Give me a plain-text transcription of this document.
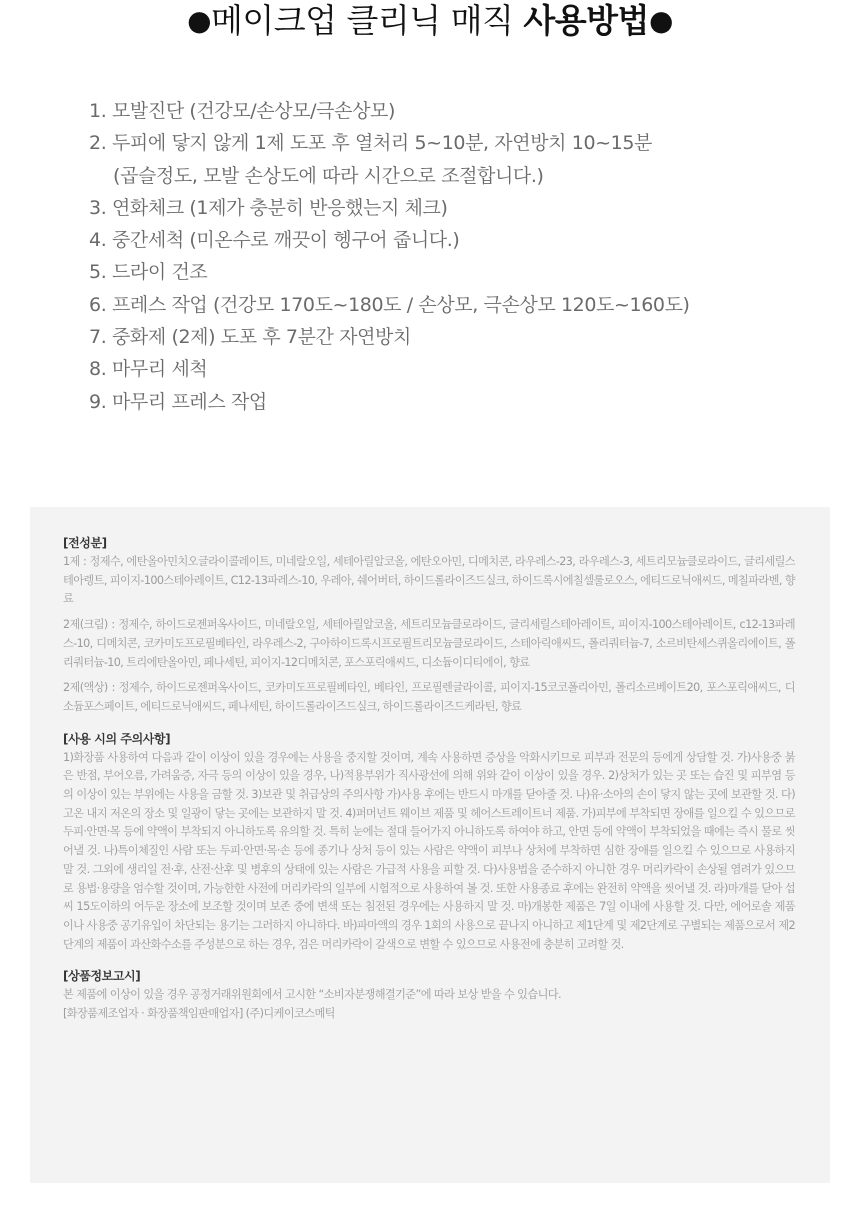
●메이크업 클리닉 매직 사용방법●
1. 모발진단 (건강모/손상모/극손상모)
2. 두피에 닿지 않게 1제 도포 후 열처리 5~10분, 자연방치 10~15분
(곱슬정도, 모발 손상도에 따라 시간으로 조절합니다.)
3. 연화체크 (1제가 충분히 반응했는지 체크)
4. 중간세척 (미온수로 깨끗이 헹구어 줍니다.)
5. 드라이 건조
6. 프레스 작업 (건강모 170도~180도 / 손상모, 극손상모 120도~160도)
7. 중화제 (2제) 도포 후 7분간 자연방치
8. 마무리 세척
9. 마무리 프레스 작업
[전성분]

1제 : 정제수, 에탄올아민치오글라이콜레이트, 미네랄오일, 세테아릴알코올, 에탄오아민, 디메치콘, 라우레스-23, 라우레스-3, 세트리모늄클로라이드, 글리세릴스테아렝트, 피이지-100스테아레이트, C12-13파레스-10, 우레아, 쉐어버터, 하이드롤라이즈드실크, 하이드록시에칠셀룰로오스, 에티드로닉애씨드, 메칠파라벤, 향료

2제(크림) : 정제수, 하이드로젠퍼옥사이드, 미네랄오일, 세테아릴알코올, 세트리모늄클로라이드, 글리세릴스테아레이트, 피이지-100스테아레이트, c12-13파레스-10, 디메치콘, 코카미도프로필베타인, 라우레스-2, 구아하이드록시프로필트리모늄클로라이드, 스테아릭애씨드, 폴리쿼터늄-7, 소르비탄세스퀴올리에이트, 폴리쿼터늄-10, 트리에탄올아민, 페나세틴, 피이지-12디메치콘, 포스포릭애씨드, 디소듐이디티에이, 향료

2제(액상) : 정제수, 하이드로젠퍼옥사이드, 코카미도프로필베타인, 베타인, 프로필렌글라이콜, 피이지-15코코폴리아민, 폴리소르베이트20, 포스포릭애씨드, 디소듐포스페이트, 에티드로닉애씨드, 페나세틴, 하이드롤라이즈드실크, 하이드롤라이즈드케라틴, 향료

[사용 시의 주의사항]

1)화장품 사용하여 다음과 같이 이상이 있을 경우에는 사용을 중지할 것이며, 계속 사용하면 증상을 악화시키므로 피부과 전문의 등에게 상담할 것. 가)사용중 붉은 반점, 부어오름, 가려움증, 자극 등의 이상이 있을 경우, 나)적용부위가 직사광선에 의해 위와 같이 이상이 있을 경우. 2)상처가 있는 곳 또는 습진 및 피부염 등의 이상이 있는 부위에는 사용을 금할 것. 3)보관 및 취급상의 주의사항 가)사용 후에는 반드시 마개를 닫아줄 것. 나)유·소아의 손이 닿지 않는 곳에 보관할 것. 다)고온 내지 저온의 장소 및 일광이 닿는 곳에는 보관하지 말 것. 4)퍼머넌트 웨이브 제품 및 헤어스트레이트너 제품. 가)피부에 부착되면 장애를 일으킬 수 있으므로 두피·안면·목 등에 약액이 부착되지 아니하도록 유의할 것. 특히 눈에는 절대 들어가지 아니하도록 하여야 하고, 안면 등에 약액이 부착되었을 때에는 즉시 물로 씻어낼 것. 나)특이체질인 사람 또는 두피·안면·목·손 등에 종기나 상처 등이 있는 사람은 약액이 피부나 상처에 부착하면 심한 장애를 일으킬 수 있으므로 사용하지 말 것. 그외에 생리일 전·후, 산전·산후 및 병후의 상태에 있는 사람은 가급적 사용을 피할 것. 다)사용법을 준수하지 아니한 경우 머리카락이 손상될 염려가 있으므로 용법·용량을 엄수할 것이며, 가능한한 사전에 머리카락의 일부에 시험적으로 사용하여 볼 것. 또한 사용종료 후에는 완전히 약액을 씻어낼 것. 라)마개를 닫아 섭씨 15도이하의 어두운 장소에 보조할 것이며 보존 중에 변색 또는 침전된 경우에는 사용하지 말 것. 마)개봉한 제품은 7일 이내에 사용할 것. 다만, 에어로솔 제품이나 사용중 공기유입이 차단되는 용기는 그러하지 아니하다. 바)파마액의 경우 1회의 사용으로 끝나지 아니하고 제1단계 및 제2단계로 구별되는 제품으로서 제2단계의 제품이 과산화수소를 주성분으로 하는 경우, 검은 머리카락이 갈색으로 변할 수 있으므로 사용전에 충분히 고려할 것.

[상품정보고시]

본 제품에 이상이 있을 경우 공정거래위원회에서 고시한 “소비자분쟁해결기준”에 따라 보상 받을 수 있습니다.

[화장품제조업자 · 화장품책임판매업자] (주)디케이코스메틱
